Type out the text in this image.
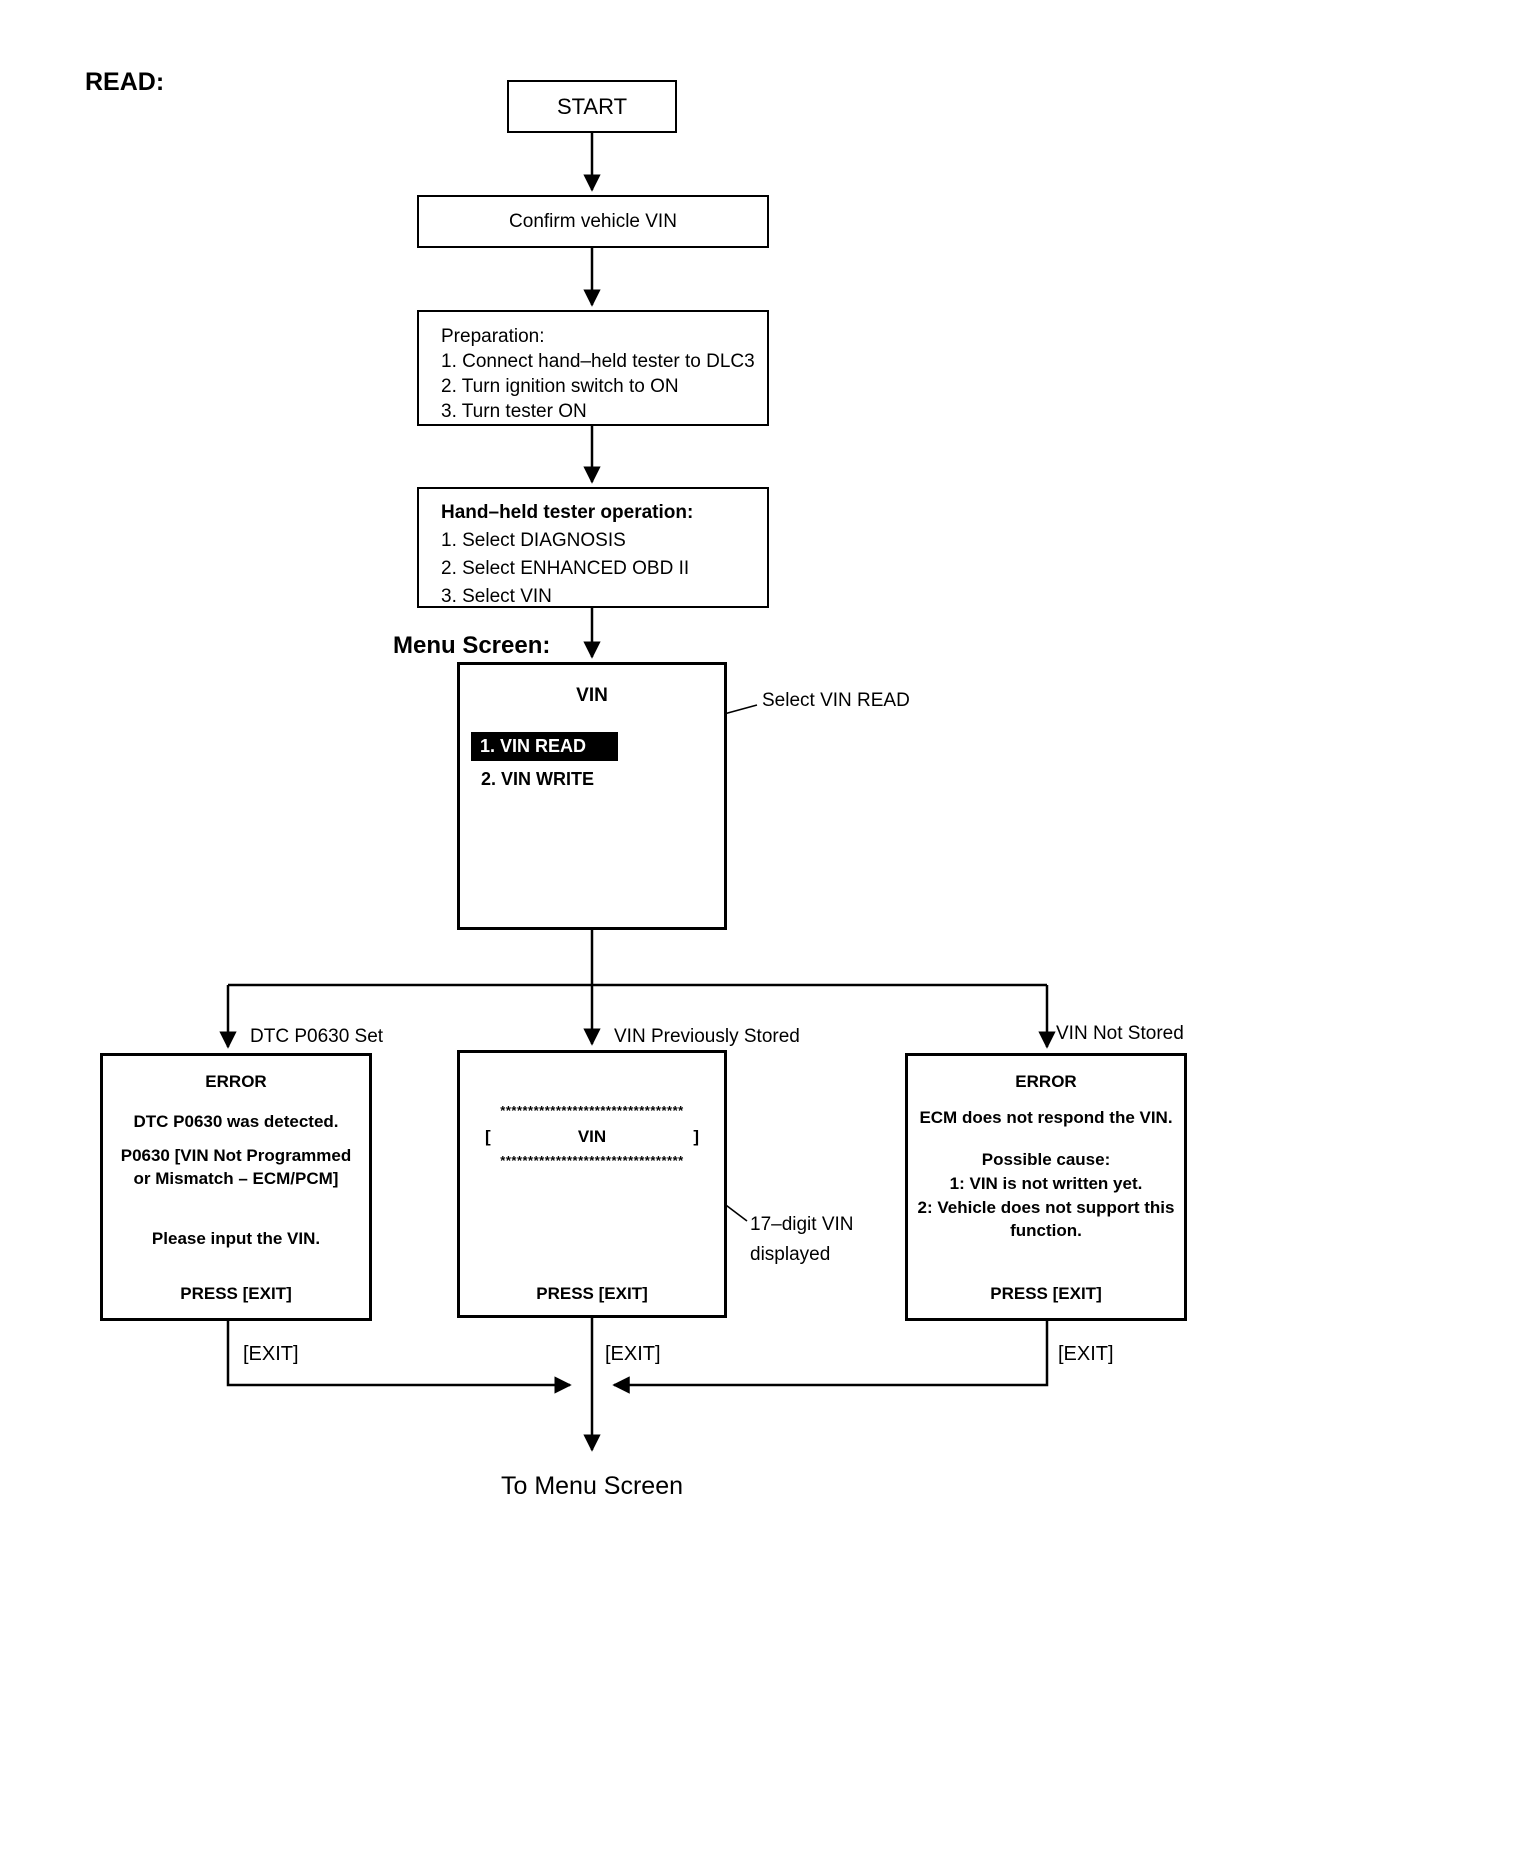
READ:
Menu Screen:
START
Confirm vehicle VIN
Preparation:
1. Connect hand–held tester to DLC3
2. Turn ignition switch to ON
3. Turn tester ON
Hand–held tester operation:
1. Select DIAGNOSIS
2. Select ENHANCED OBD II
3. Select VIN
VIN
1. VIN READ
2. VIN WRITE
Select VIN READ
DTC P0630 Set	VIN Previously Stored	VIN Not Stored
ERROR
DTC P0630 was detected.
P0630 [VIN Not Programmed
or Mismatch – ECM/PCM]
Please input the VIN.
PRESS [EXIT]
*********************************
[	VIN	]
*********************************
PRESS [EXIT]
17–digit VIN
displayed
ERROR
ECM does not respond the VIN.
Possible cause:
1: VIN is not written yet.
2: Vehicle does not support this
function.
PRESS [EXIT]
[EXIT]	[EXIT]	[EXIT]
To Menu Screen
